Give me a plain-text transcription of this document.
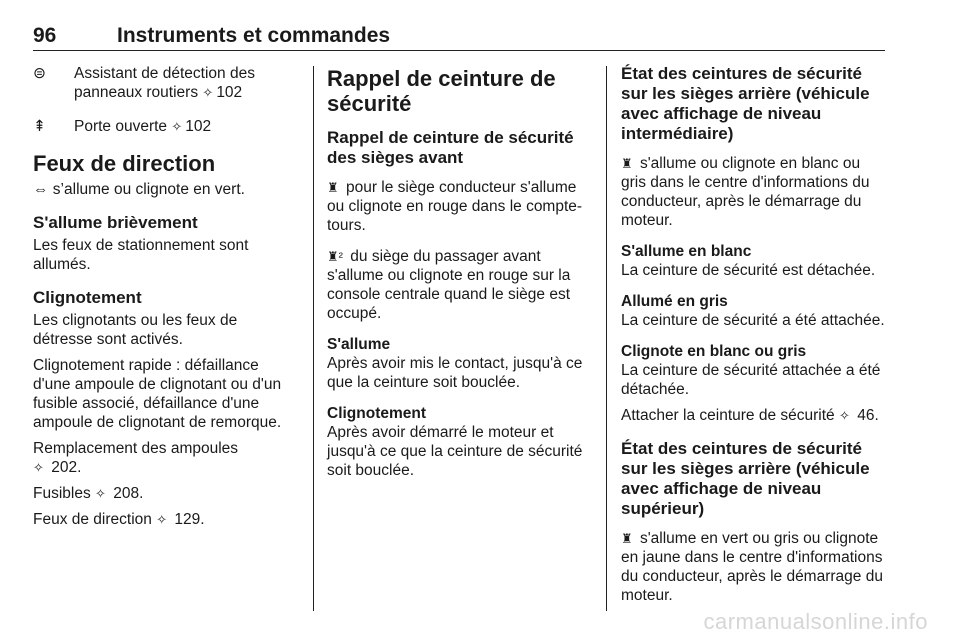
96	Instruments et commandes
⊜	Assistant de détection des panneaux routiers ✧ 102
⇞	Porte ouverte ✧ 102

Feux de direction

⇔ s’allume ou clignote en vert.

S'allume brièvement

Les feux de stationnement sont allumés.

Clignotement

Les clignotants ou les feux de détresse sont activés.

Clignotement rapide : défaillance d'une ampoule de clignotant ou d'un fusible associé, défaillance d'une ampoule de clignotant de remorque.

Remplacement des ampoules
✧ 202.

Fusibles ✧ 208.

Feux de direction ✧ 129.

Rappel de ceinture de sécurité

Rappel de ceinture de sécurité des sièges avant

♜ pour le siège conducteur s'allume ou clignote en rouge dans le compte-tours.

♜² du siège du passager avant s'allume ou clignote en rouge sur la console centrale quand le siège est occupé.

S'allume

Après avoir mis le contact, jusqu'à ce que la ceinture soit bouclée.

Clignotement

Après avoir démarré le moteur et jusqu'à ce que la ceinture de sécurité soit bouclée.

État des ceintures de sécurité sur les sièges arrière (véhicule avec affichage de niveau intermédiaire)

♜ s'allume ou clignote en blanc ou gris dans le centre d'informations du conducteur, après le démarrage du moteur.

S'allume en blanc

La ceinture de sécurité est détachée.

Allumé en gris

La ceinture de sécurité a été attachée.

Clignote en blanc ou gris

La ceinture de sécurité attachée a été détachée.

Attacher la ceinture de sécurité ✧ 46.

État des ceintures de sécurité sur les sièges arrière (véhicule avec affichage de niveau supérieur)

♜ s'allume en vert ou gris ou clignote en jaune dans le centre d'informations du conducteur, après le démarrage du moteur.

carmanualsonline.info
